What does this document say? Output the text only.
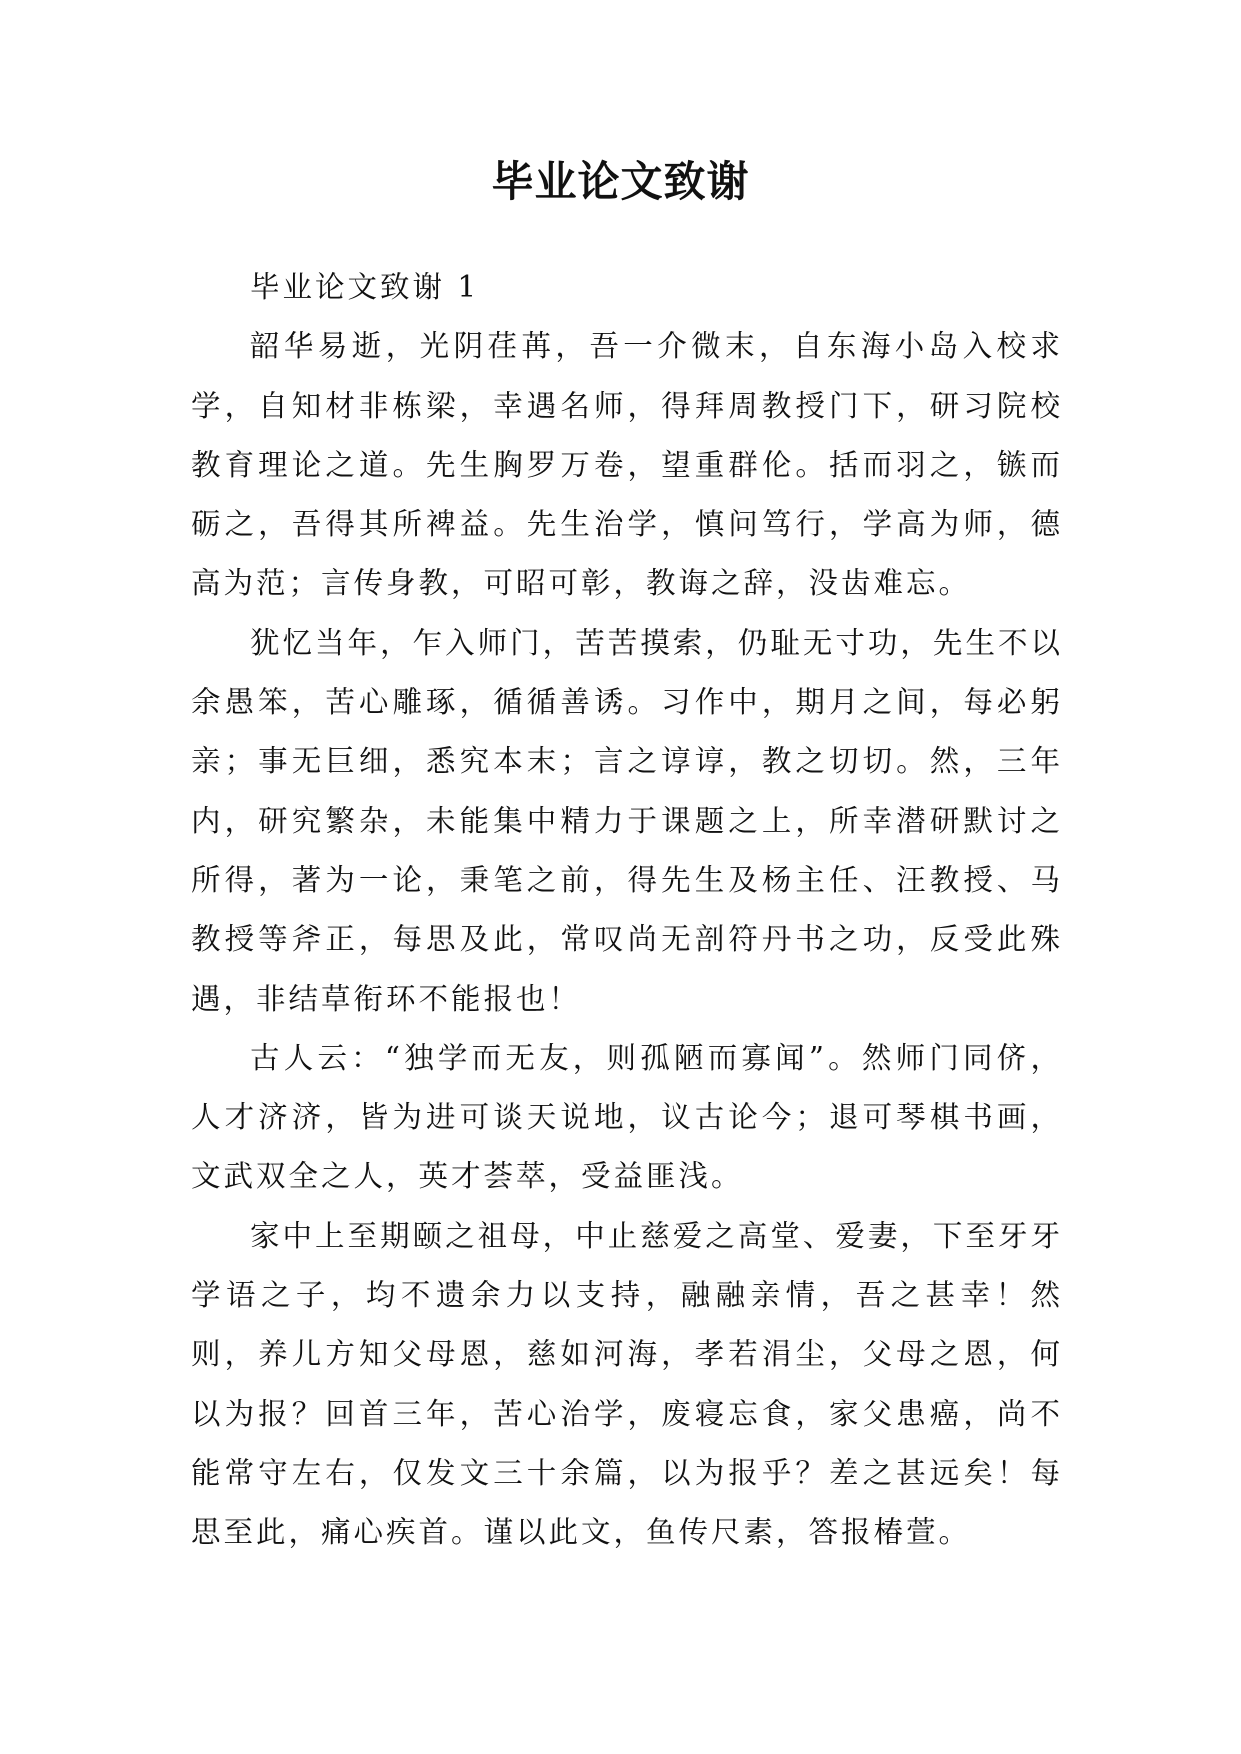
毕业论文致谢

毕业论文致谢 1

韶华易逝，光阴荏苒，吾一介微末，自东海小岛入校求学，自知材非栋梁，幸遇名师，得拜周教授门下，研习院校教育理论之道。先生胸罗万卷，望重群伦。括而羽之，镞而砺之，吾得其所裨益。先生治学，慎问笃行，学高为师，德高为范；言传身教，可昭可彰，教诲之辞，没齿难忘。

犹忆当年，乍入师门，苦苦摸索，仍耻无寸功，先生不以余愚笨，苦心雕琢，循循善诱。习作中，期月之间，每必躬亲；事无巨细，悉究本末；言之谆谆，教之切切。然，三年内，研究繁杂，未能集中精力于课题之上，所幸潜研默讨之所得，著为一论，秉笔之前，得先生及杨主任、汪教授、马教授等斧正，每思及此，常叹尚无剖符丹书之功，反受此殊遇，非结草衔环不能报也！

古人云：“独学而无友，则孤陋而寡闻”。然师门同侪，人才济济，皆为进可谈天说地，议古论今；退可琴棋书画，文武双全之人，英才荟萃，受益匪浅。

家中上至期颐之祖母，中止慈爱之高堂、爱妻，下至牙牙学语之子，均不遗余力以支持，融融亲情，吾之甚幸！然则，养儿方知父母恩，慈如河海，孝若涓尘，父母之恩，何以为报？回首三年，苦心治学，废寝忘食，家父患癌，尚不能常守左右，仅发文三十余篇，以为报乎？差之甚远矣！每思至此，痛心疾首。谨以此文，鱼传尺素，答报椿萱。
